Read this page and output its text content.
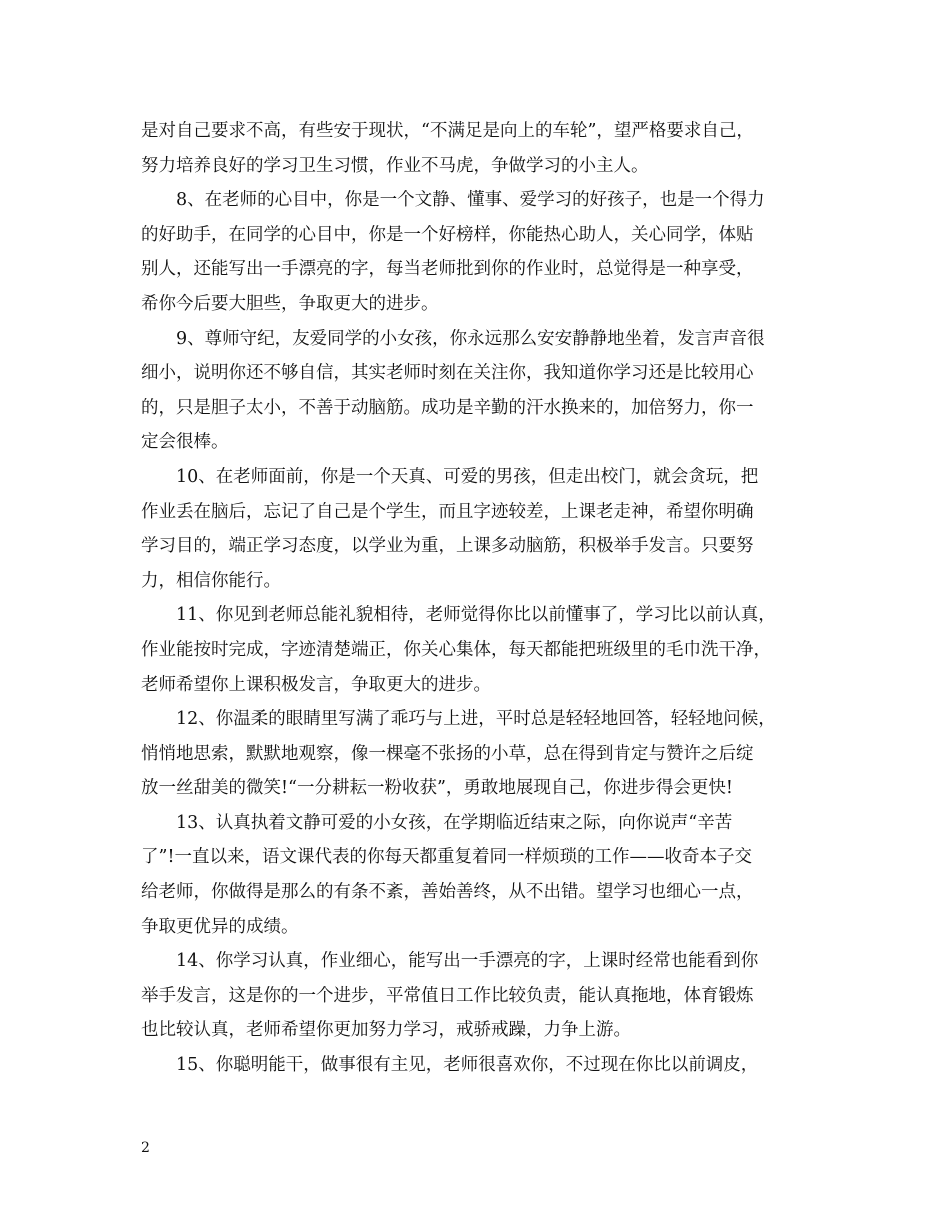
是对自己要求不高，有些安于现状，“不满足是向上的车轮”，望严格要求自己，
努力培养良好的学习卫生习惯，作业不马虎，争做学习的小主人。

8、在老师的心目中，你是一个文静、懂事、爱学习的好孩子，也是一个得力
的好助手，在同学的心目中，你是一个好榜样，你能热心助人，关心同学，体贴
别人，还能写出一手漂亮的字，每当老师批到你的作业时，总觉得是一种享受，
希你今后要大胆些，争取更大的进步。

9、尊师守纪，友爱同学的小女孩，你永远那么安安静静地坐着，发言声音很
细小，说明你还不够自信，其实老师时刻在关注你，我知道你学习还是比较用心
的，只是胆子太小，不善于动脑筋。成功是辛勤的汗水换来的，加倍努力，你一
定会很棒。

10、在老师面前，你是一个天真、可爱的男孩，但走出校门，就会贪玩，把
作业丢在脑后，忘记了自己是个学生，而且字迹较差，上课老走神，希望你明确
学习目的，端正学习态度，以学业为重，上课多动脑筋，积极举手发言。只要努
力，相信你能行。

11、你见到老师总能礼貌相待，老师觉得你比以前懂事了，学习比以前认真，
作业能按时完成，字迹清楚端正，你关心集体，每天都能把班级里的毛巾洗干净，
老师希望你上课积极发言，争取更大的进步。

12、你温柔的眼睛里写满了乖巧与上进，平时总是轻轻地回答，轻轻地问候，
悄悄地思索，默默地观察，像一棵毫不张扬的小草，总在得到肯定与赞许之后绽
放一丝甜美的微笑!“一分耕耘一粉收获”，勇敢地展现自己，你进步得会更快!

13、认真执着文静可爱的小女孩，在学期临近结束之际，向你说声“辛苦
了”!一直以来，语文课代表的你每天都重复着同一样烦琐的工作——收奇本子交
给老师，你做得是那么的有条不紊，善始善终，从不出错。望学习也细心一点，
争取更优异的成绩。

14、你学习认真，作业细心，能写出一手漂亮的字，上课时经常也能看到你
举手发言，这是你的一个进步，平常值日工作比较负责，能认真拖地，体育锻炼
也比较认真，老师希望你更加努力学习，戒骄戒躁，力争上游。

15、你聪明能干，做事很有主见，老师很喜欢你，不过现在你比以前调皮，

2
